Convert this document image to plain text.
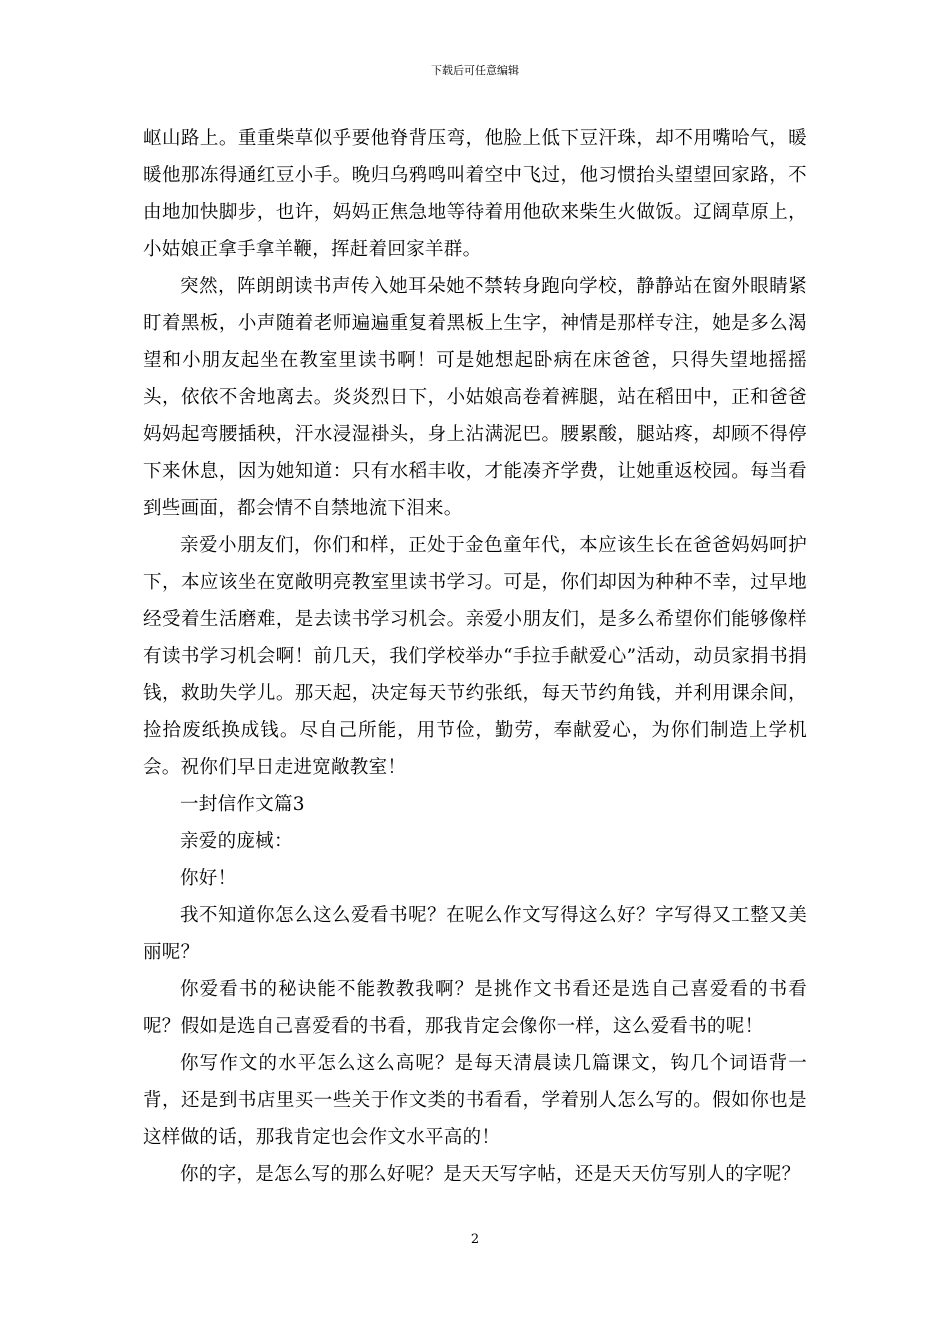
下载后可任意编辑

岖山路上。重重柴草似乎要他脊背压弯，他脸上低下豆汗珠，却不用嘴哈气，暖暖他那冻得通红豆小手。晚归乌鸦鸣叫着空中飞过，他习惯抬头望望回家路，不由地加快脚步，也许，妈妈正焦急地等待着用他砍来柴生火做饭。辽阔草原上，小姑娘正拿手拿羊鞭，挥赶着回家羊群。

突然，阵朗朗读书声传入她耳朵她不禁转身跑向学校，静静站在窗外眼睛紧盯着黑板，小声随着老师遍遍重复着黑板上生字，神情是那样专注，她是多么渴望和小朋友起坐在教室里读书啊！可是她想起卧病在床爸爸，只得失望地摇摇头，依依不舍地离去。炎炎烈日下，小姑娘高卷着裤腿，站在稻田中，正和爸爸妈妈起弯腰插秧，汗水浸湿褂头，身上沾满泥巴。腰累酸，腿站疼，却顾不得停下来休息，因为她知道：只有水稻丰收，才能凑齐学费，让她重返校园。每当看到些画面，都会情不自禁地流下泪来。

亲爱小朋友们，你们和样，正处于金色童年代，本应该生长在爸爸妈妈呵护下，本应该坐在宽敞明亮教室里读书学习。可是，你们却因为种种不幸，过早地经受着生活磨难，是去读书学习机会。亲爱小朋友们，是多么希望你们能够像样有读书学习机会啊！前几天，我们学校举办“手拉手献爱心”活动，动员家捐书捐钱，救助失学儿。那天起，决定每天节约张纸，每天节约角钱，并利用课余间，捡拾废纸换成钱。尽自己所能，用节俭，勤劳，奉献爱心，为你们制造上学机会。祝你们早日走进宽敞教室！

一封信作文篇3

亲爱的庞棫：

你好！

我不知道你怎么这么爱看书呢？在呢么作文写得这么好？字写得又工整又美丽呢？

你爱看书的秘诀能不能教教我啊？是挑作文书看还是选自己喜爱看的书看呢？假如是选自己喜爱看的书看，那我肯定会像你一样，这么爱看书的呢！

你写作文的水平怎么这么高呢？是每天清晨读几篇课文，钩几个词语背一背，还是到书店里买一些关于作文类的书看看，学着别人怎么写的。假如你也是这样做的话，那我肯定也会作文水平高的！

你的字，是怎么写的那么好呢？是天天写字帖，还是天天仿写别人的字呢？

2
